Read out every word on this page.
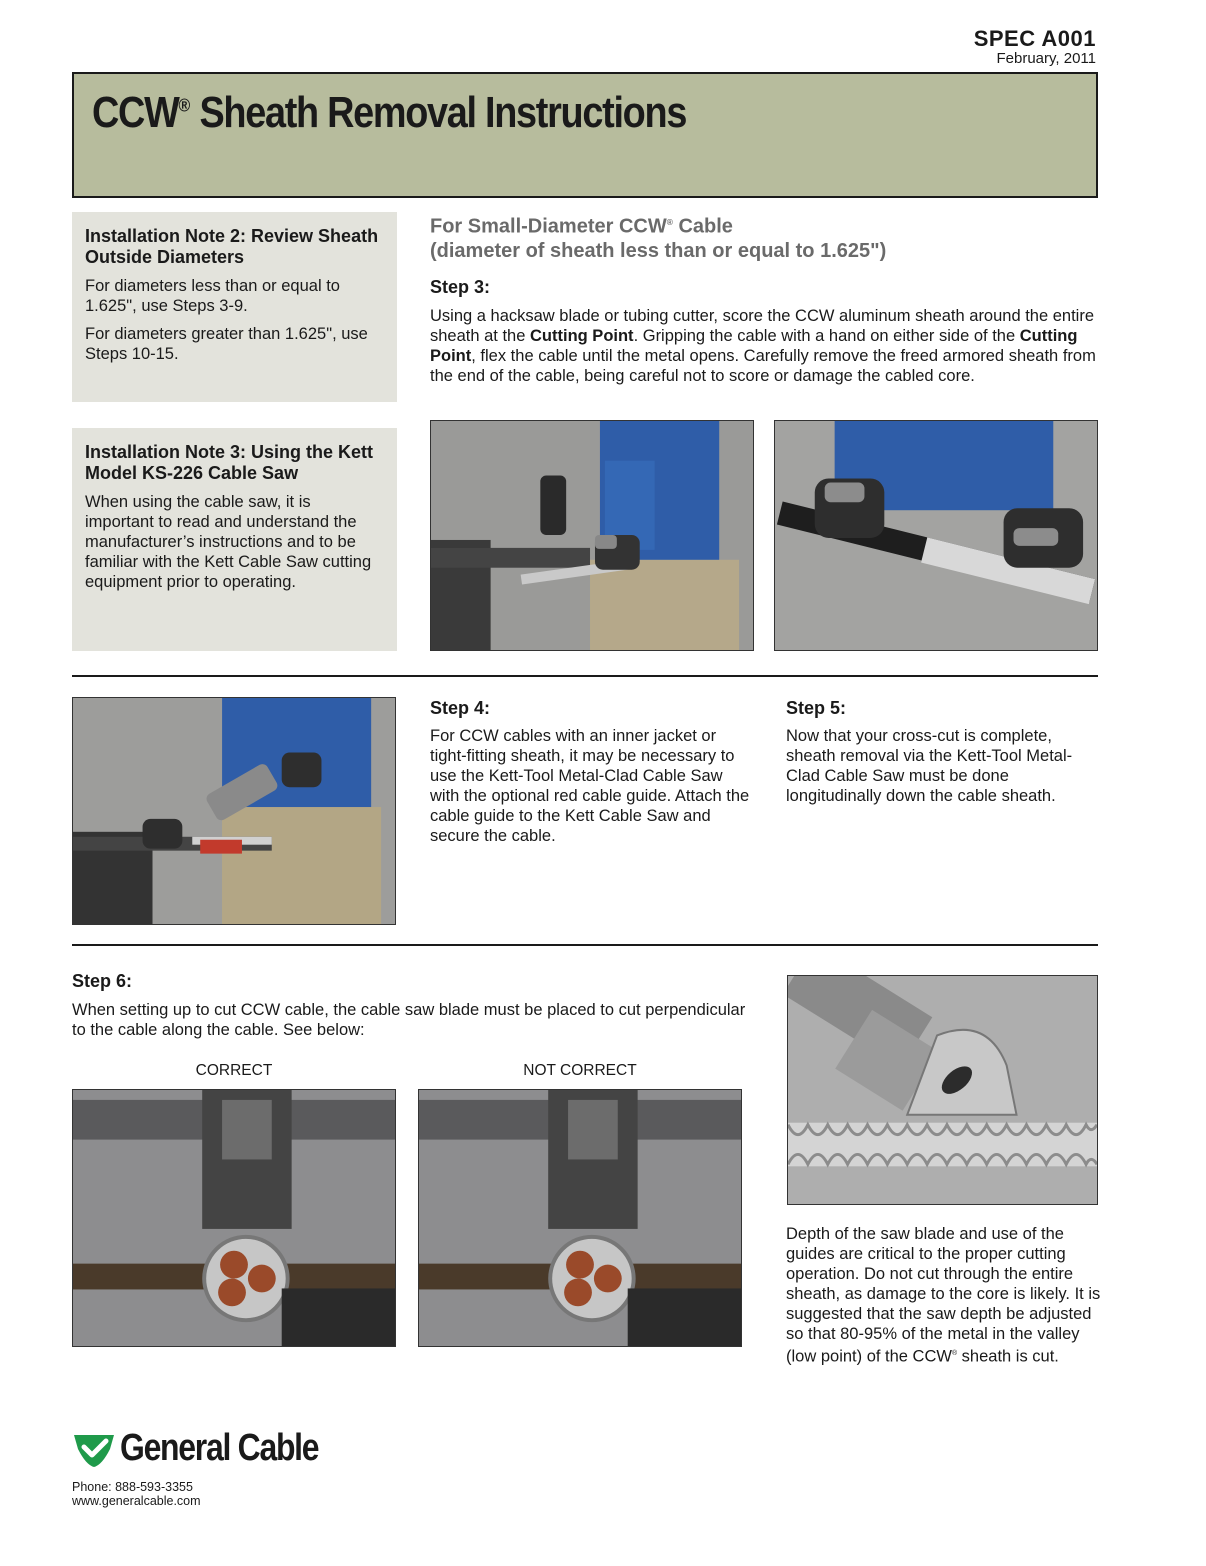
SPEC A001
February, 2011
CCW® Sheath Removal Instructions
Installation Note 2: Review Sheath Outside Diameters

For diameters less than or equal to 1.625", use Steps 3-9.

For diameters greater than 1.625", use Steps 10-15.

Installation Note 3: Using the Kett Model KS-226 Cable Saw

When using the cable saw, it is important to read and understand the manufacturer’s instructions and to be familiar with the Kett Cable Saw cutting equipment prior to operating.

For Small-Diameter CCW® Cable
(diameter of sheath less than or equal to 1.625")
Step 3:
Using a hacksaw blade or tubing cutter, score the CCW aluminum sheath around the entire sheath at the Cutting Point. Gripping the cable with a hand on either side of the Cutting Point, flex the cable until the metal opens. Carefully remove the freed armored sheath from the end of the cable, being careful not to score or damage the cabled core.
Step 4:
For CCW cables with an inner jacket or tight-fitting sheath, it may be necessary to use the Kett-Tool Metal-Clad Cable Saw with the optional red cable guide. Attach the cable guide to the Kett Cable Saw and secure the cable.
Step 5:
Now that your cross-cut is complete, sheath removal via the Kett-Tool Metal-Clad Cable Saw must be done longitudinally down the cable sheath.
Step 6:
When setting up to cut CCW cable, the cable saw blade must be placed to cut perpendicular to the cable along the cable. See below:
CORRECT	NOT CORRECT
Depth of the saw blade and use of the guides are critical to the proper cutting operation. Do not cut through the entire sheath, as damage to the core is likely. It is suggested that the saw depth be adjusted so that 80-95% of the metal in the valley (low point) of the CCW® sheath is cut.
General Cable
Phone: 888-593-3355
www.generalcable.com
